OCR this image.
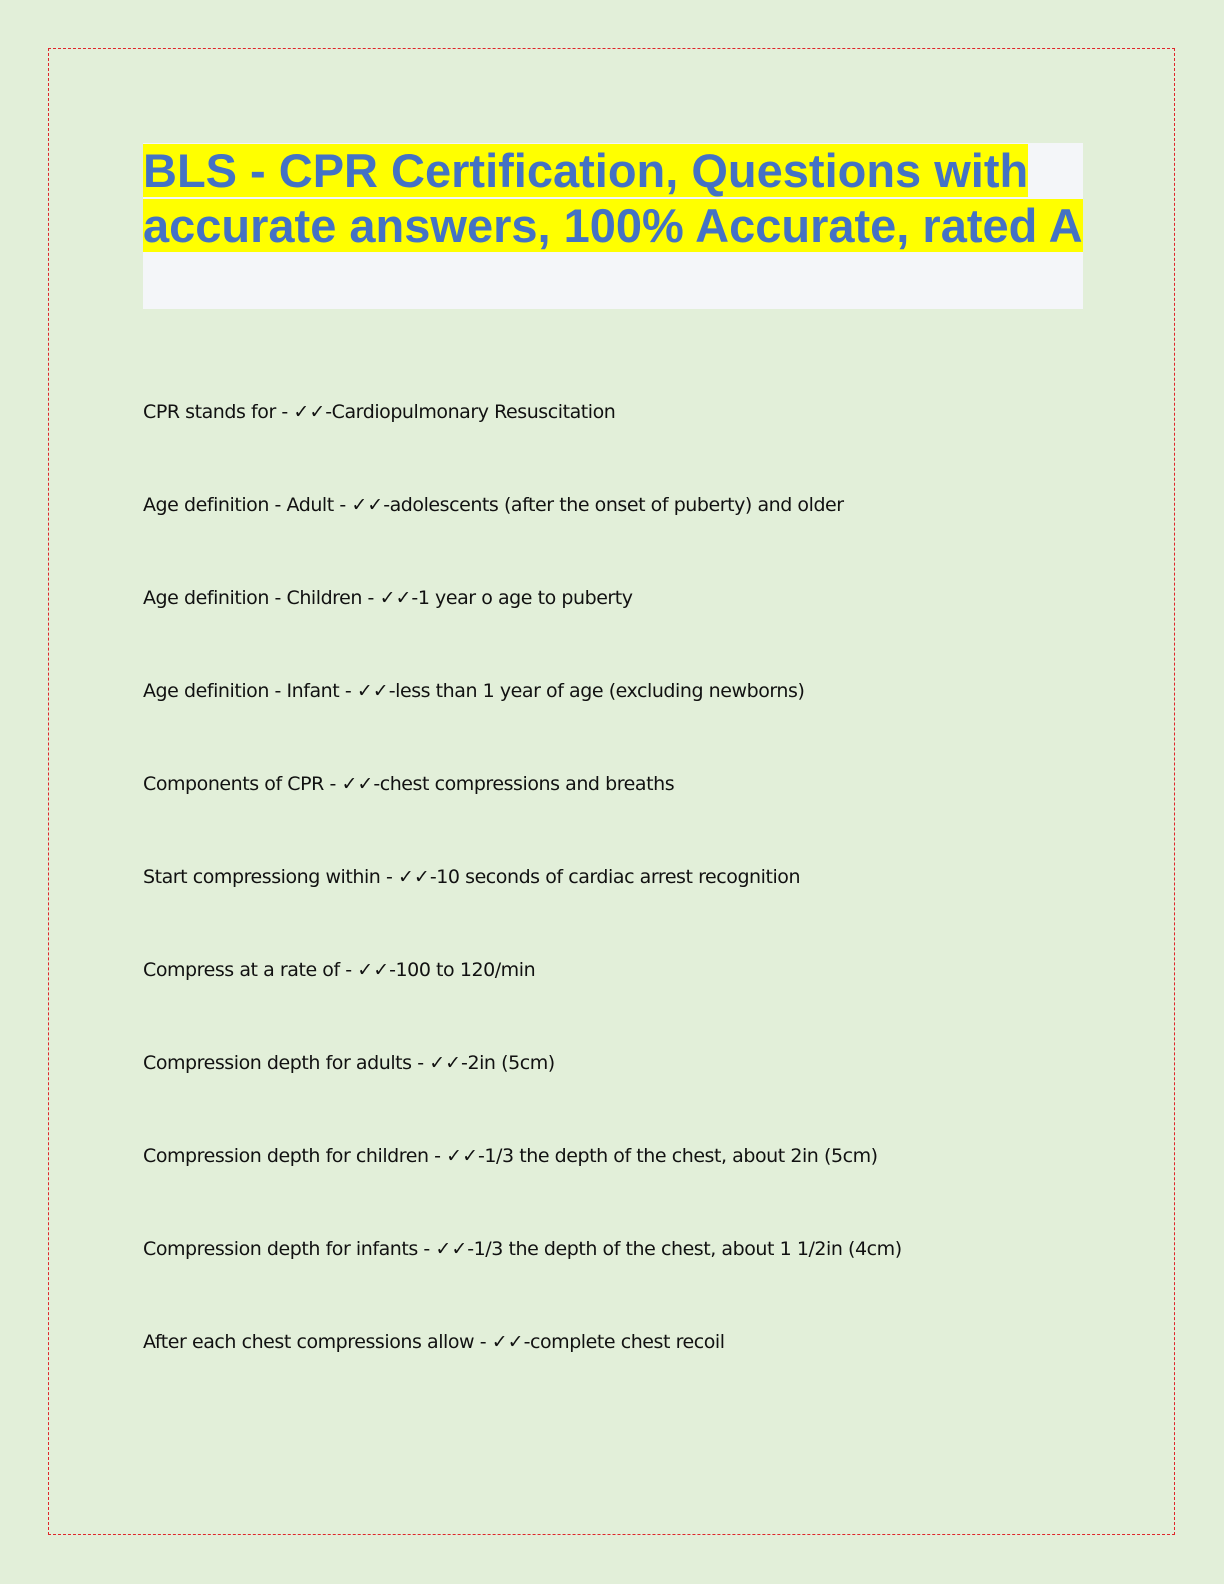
BLS - CPR Certification, Questions with accurate answers, 100% Accurate, rated A
CPR stands for - ✓✓-Cardiopulmonary Resuscitation
Age definition - Adult - ✓✓-adolescents (after the onset of puberty) and older
Age definition - Children - ✓✓-1 year o age to puberty
Age definition - Infant - ✓✓-less than 1 year of age (excluding newborns)
Components of CPR - ✓✓-chest compressions and breaths
Start compressiong within - ✓✓-10 seconds of cardiac arrest recognition
Compress at a rate of - ✓✓-100 to 120/min
Compression depth for adults - ✓✓-2in (5cm)
Compression depth for children - ✓✓-1/3 the depth of the chest, about 2in (5cm)
Compression depth for infants - ✓✓-1/3 the depth of the chest, about 1 1/2in (4cm)
After each chest compressions allow - ✓✓-complete chest recoil
